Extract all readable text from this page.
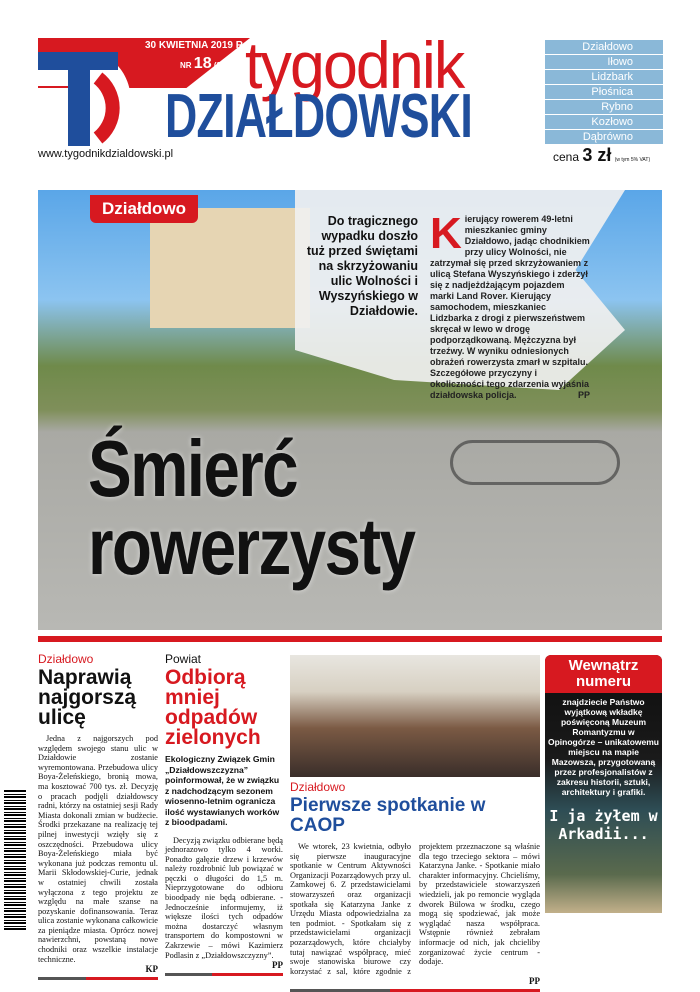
30 KWIETNIA 2019 R.
NR 18 (2053) tygodnik
DZIAŁDOWSKI
www.tygodnikdzialdowski.pl
Działdowo
Iłowo
Lidzbark
Płośnica
Rybno
Kozłowo
Dąbrówno
cena 3 zł (w tym 5% VAT)
Działdowo
Do tragicznego wypadku doszło tuż przed świętami na skrzyżowaniu ulic Wolności i Wyszyńskiego w Działdowie.
Kierujący rowerem 49-letni mieszkaniec gminy Działdowo, jadąc chodnikiem przy ulicy Wolności, nie zatrzymał się przed skrzyżowaniem z ulicą Stefana Wyszyńskiego i zderzył się z nadjeżdżającym pojazdem marki Land Rover. Kierujący samochodem, mieszkaniec Lidzbarka z drogi z pierwszeństwem skręcał w lewo w drogę podporządkowaną. Mężczyzna był trzeźwy. W wyniku odniesionych obrażeń rowerzysta zmarł w szpitalu. Szczegółowe przyczyny i okoliczności tego zdarzenia wyjaśnia działdowska policja.	PP
Śmierć
rowerzysty
Działdowo
Naprawią najgorszą ulicę
Jedna z najgorszych pod względem swojego stanu ulic w Działdowie zostanie wyremontowana. Przebudowa ulicy Boya-Żeleńskiego, bronią mowa, ma kosztować 700 tys. zł. Decyzję o pracach podjęli działdowscy radni, którzy na ostatniej sesji Rady Miasta dokonali zmian w budżecie. Środki przekazane na realizację tej pilnej inwestycji wzięły się z oszczędności. Przebudowa ulicy Boya-Żeleńskiego miała być wykonana już podczas remontu ul. Marii Skłodowskiej-Curie, jednak w ostatniej chwili została wyłączona z tego projektu ze względu na małe szanse na pozyskanie dofinansowania. Teraz ulica zostanie wykonana całkowicie za pieniądze miasta. Oprócz nowej nawierzchni, powstaną nowe chodniki oraz wszelkie instalacje techniczne.
KP
Powiat
Odbiorą mniej odpadów zielonych
Ekologiczny Związek Gmin „Działdowszczyzna” poinformował, że w związku z nadchodzącym sezonem wiosenno-letnim ogranicza ilość wystawianych worków z bioodpadami.
Decyzją związku odbierane będą jednorazowo tylko 4 worki. Ponadto gałęzie drzew i krzewów należy rozdrobnić lub powiązać w pęczki o długości do 1,5 m. Nieprzygotowane do odbioru bioodpady nie będą odbierane. - Jednocześnie informujemy, iż większe ilości tych odpadów można dostarczyć własnym transportem do kompostowni w Zakrzewie – mówi Kazimierz Podlasin z „Działdowszczyzny”.
PP
Działdowo
Pierwsze spotkanie w CAOP
We wtorek, 23 kwietnia, odbyło się pierwsze inauguracyjne spotkanie w Centrum Aktywności Organizacji Pozarządowych przy ul. Zamkowej 6. Z przedstawicielami stowarzyszeń oraz organizacji spotkała się Katarzyna Janke z Urzędu Miasta odpowiedzialna za ten podmiot. - Spotkałam się z przedstawicielami organizacji pozarządowych, które chciałyby tutaj nawiązać współpracę, mieć swoje stanowiska biurowe czy korzystać z sal, które zgodnie z projektem przeznaczone są właśnie dla tego trzeciego sektora – mówi Katarzyna Janke. - Spotkanie miało charakter informacyjny. Chcieliśmy, by przedstawiciele stowarzyszeń wiedzieli, jak po remoncie wygląda dworek Bülowa w środku, czego mogą się spodziewać, jak może wyglądać nasza współpraca. Wstępnie również zebrałam informacje od nich, jak chcieliby zorganizować życie centrum - dodaje.
PP
Wewnątrz numeru
znajdziecie Państwo wyjątkową wkładkę poświęconą Muzeum Romantyzmu w Opinogórze – unikatowemu miejscu na mapie Mazowsza, przygotowaną przez profesjonalistów z zakresu historii, sztuki, architektury i grafiki.
I ja żyłem w Arkadii...
